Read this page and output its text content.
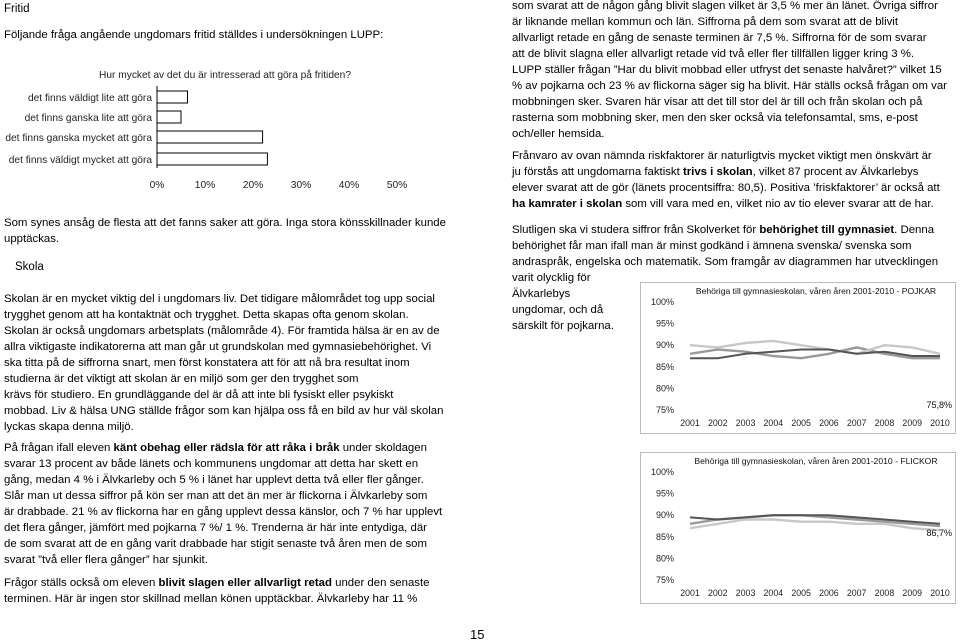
Fritid
Följande fråga angående ungdomars fritid ställdes i undersökningen LUPP:
Hur mycket av det du är intresserad att göra på fritiden?
det finns väldigt lite att göra
det finns ganska lite att göra
det finns ganska mycket att göra
det finns väldigt mycket att göra
0%	10%	20%	30%	40%	50%
Som synes ansåg de flesta att det fanns saker att göra. Inga stora könsskillnader kunde upptäckas.
Skola
Skolan är en mycket viktig del i ungdomars liv. Det tidigare målområdet tog upp social
trygghet genom att ha kontaktnät och trygghet. Detta skapas ofta genom skolan.
Skolan är också ungdomars arbetsplats (målområde 4). För framtida hälsa är en av de
allra viktigaste indikatorerna att man går ut grundskolan med gymnasiebehörighet. Vi
ska titta på de siffrorna snart, men först konstatera att för att nå bra resultat inom
studierna är det viktigt att skolan är en miljö som ger den trygghet som
krävs för studiero. En grundläggande del är då att inte bli fysiskt eller psykiskt
mobbad. Liv & hälsa UNG ställde frågor som kan hjälpa oss få en bild av hur väl skolan
lyckas skapa denna miljö.
På frågan ifall eleven känt obehag eller rädsla för att råka i bråk under skoldagen
svarar 13 procent av både länets och kommunens ungdomar att detta har skett en
gång, medan 4 % i Älvkarleby och 5 % i länet har upplevt detta två eller fler gånger.
Slår man ut dessa siffror på kön ser man att det än mer är flickorna i Älvkarleby som
är drabbade. 21 % av flickorna har en gång upplevt dessa känslor, och 7 % har upplevt
det flera gånger, jämfört med pojkarna 7 %/ 1 %. Trenderna är här inte entydiga, där
de som svarat att de en gång varit drabbade har stigit senaste två åren men de som
svarat ”två eller flera gånger” har sjunkit.
Frågor ställs också om eleven blivit slagen eller allvarligt retad under den senaste
terminen. Här är ingen stor skillnad mellan könen upptäckbar. Älvkarleby har 11 %
15
som svarat att de någon gång blivit slagen vilket är 3,5 % mer än länet. Övriga siffror
är liknande mellan kommun och län. Siffrorna på dem som svarat att de blivit
allvarligt retade en gång de senaste terminen är 7,5 %. Siffrorna för de som svarar
att de blivit slagna eller allvarligt retade vid två eller fler tillfällen ligger kring 3 %.
LUPP ställer frågan ”Har du blivit mobbad eller utfryst det senaste halvåret?” vilket 15
% av pojkarna och 23 % av flickorna säger sig ha blivit. Här ställs också frågan om var
mobbningen sker. Svaren här visar att det till stor del är till och från skolan och på
rasterna som mobbning sker, men den sker också via telefonsamtal, sms, e-post
och/eller hemsida.
Frånvaro av ovan nämnda riskfaktorer är naturligtvis mycket viktigt men önskvärt är
ju förstås att ungdomarna faktiskt trivs i skolan, vilket 87 procent av Älvkarlebys
elever svarat att de gör (länets procentsiffra: 80,5). Positiva ’friskfaktorer’ är också att
ha kamrater i skolan som vill vara med en, vilket nio av tio elever svarar att de har.
Slutligen ska vi studera siffror från Skolverket för behörighet till gymnasiet. Denna
behörighet får man ifall man är minst godkänd i ämnena svenska/ svenska som
andraspråk, engelska och matematik. Som framgår av diagrammen har utvecklingen
varit olycklig för
Älvkarlebys
ungdomar, och då
särskilt för pojkarna.
Behöriga till gymnasieskolan, våren åren 2001-2010 - POJKAR
75%
80%
85%
90%
95%
100%
2001 2002 2003 2004 2005 2006 2007 2008 2009 2010
75,8%
Behöriga till gymnasieskolan, våren åren 2001-2010 - FLICKOR
75%
80%
85%
90%
95%
100%
2001 2002 2003 2004 2005 2006 2007 2008 2009 2010
86,7%
